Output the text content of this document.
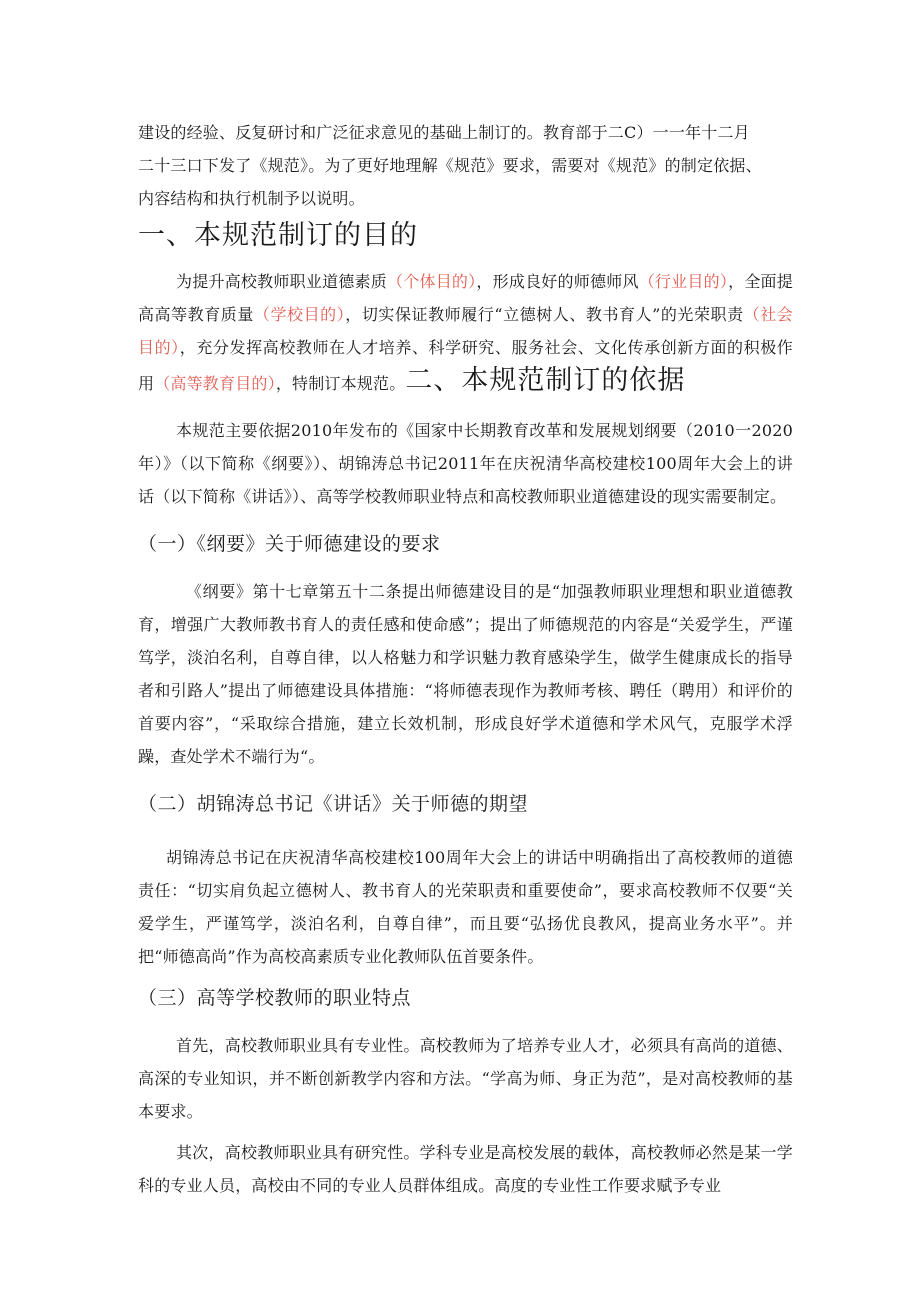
建设的经验、反复研讨和广泛征求意见的基础上制订的。教育部于二C）一一年十二月
二十三口下发了《规范》。为了更好地理解《规范》要求，需要对《规范》的制定依据、
内容结构和执行机制予以说明。

一、本规范制订的目的

为提升高校教师职业道德素质（个体目的），形成良好的师德师风（行业目的），全面提高高等教育质量（学校目的），切实保证教师履行“立德树人、教书育人”的光荣职责（社会目的），充分发挥高校教师在人才培养、科学研究、服务社会、文化传承创新方面的积极作用（高等教育目的），特制订本规范。二、本规范制订的依据

本规范主要依据2010年发布的《国家中长期教育改革和发展规划纲要（2010一2020年）》（以下简称《纲要》）、胡锦涛总书记2011年在庆祝清华高校建校100周年大会上的讲话（以下简称《讲话》）、高等学校教师职业特点和高校教师职业道德建设的现实需要制定。

（一）《纲要》关于师德建设的要求

《纲要》第十七章第五十二条提出师德建设目的是“加强教师职业理想和职业道德教育，增强广大教师教书育人的责任感和使命感”；提出了师德规范的内容是“关爱学生，严谨笃学，淡泊名利，自尊自律，以人格魅力和学识魅力教育感染学生，做学生健康成长的指导者和引路人”提出了师德建设具体措施：“将师德表现作为教师考核、聘任（聘用）和评价的首要内容”，“采取综合措施，建立长效机制，形成良好学术道德和学术风气，克服学术浮躁，查处学术不端行为“。

（二）胡锦涛总书记《讲话》关于师德的期望

胡锦涛总书记在庆祝清华高校建校100周年大会上的讲话中明确指出了高校教师的道德责任：“切实肩负起立德树人、教书育人的光荣职责和重要使命”，要求高校教师不仅要“关爱学生，严谨笃学，淡泊名利，自尊自律”，而且要“弘扬优良教风，提高业务水平”。并把“师德高尚”作为高校高素质专业化教师队伍首要条件。

（三）高等学校教师的职业特点

首先，高校教师职业具有专业性。高校教师为了培养专业人才，必须具有高尚的道德、高深的专业知识，并不断创新教学内容和方法。“学高为师、身正为范”，是对高校教师的基本要求。

其次，高校教师职业具有研究性。学科专业是高校发展的载体，高校教师必然是某一学科的专业人员，高校由不同的专业人员群体组成。高度的专业性工作要求赋予专业
